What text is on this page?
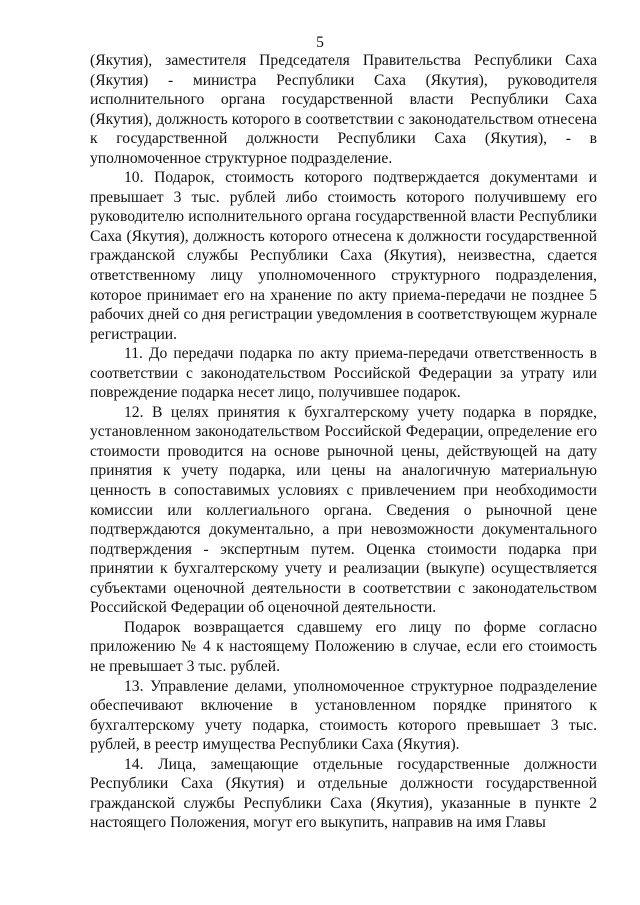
5

(Якутия), заместителя Председателя Правительства Республики Саха (Якутия) - министра Республики Саха (Якутия), руководителя исполнительного органа государственной власти Республики Саха (Якутия), должность которого в соответствии с законодательством отнесена к государственной должности Республики Саха (Якутия), - в уполномоченное структурное подразделение.

10. Подарок, стоимость которого подтверждается документами и превышает 3 тыс. рублей либо стоимость которого получившему его руководителю исполнительного органа государственной власти Республики Саха (Якутия), должность которого отнесена к должности государственной гражданской службы Республики Саха (Якутия), неизвестна, сдается ответственному лицу уполномоченного структурного подразделения, которое принимает его на хранение по акту приема-передачи не позднее 5 рабочих дней со дня регистрации уведомления в соответствующем журнале регистрации.

11. До передачи подарка по акту приема-передачи ответственность в соответствии с законодательством Российской Федерации за утрату или повреждение подарка несет лицо, получившее подарок.

12. В целях принятия к бухгалтерскому учету подарка в порядке, установленном законодательством Российской Федерации, определение его стоимости проводится на основе рыночной цены, действующей на дату принятия к учету подарка, или цены на аналогичную материальную ценность в сопоставимых условиях с привлечением при необходимости комиссии или коллегиального органа. Сведения о рыночной цене подтверждаются документально, а при невозможности документального подтверждения - экспертным путем. Оценка стоимости подарка при принятии к бухгалтерскому учету и реализации (выкупе) осуществляется субъектами оценочной деятельности в соответствии с законодательством Российской Федерации об оценочной деятельности.

Подарок возвращается сдавшему его лицу по форме согласно приложению № 4 к настоящему Положению в случае, если его стоимость не превышает 3 тыс. рублей.

13. Управление делами, уполномоченное структурное подразделение обеспечивают включение в установленном порядке принятого к бухгалтерскому учету подарка, стоимость которого превышает 3 тыс. рублей, в реестр имущества Республики Саха (Якутия).

14. Лица, замещающие отдельные государственные должности Республики Саха (Якутия) и отдельные должности государственной гражданской службы Республики Саха (Якутия), указанные в пункте 2 настоящего Положения, могут его выкупить, направив на имя Главы
